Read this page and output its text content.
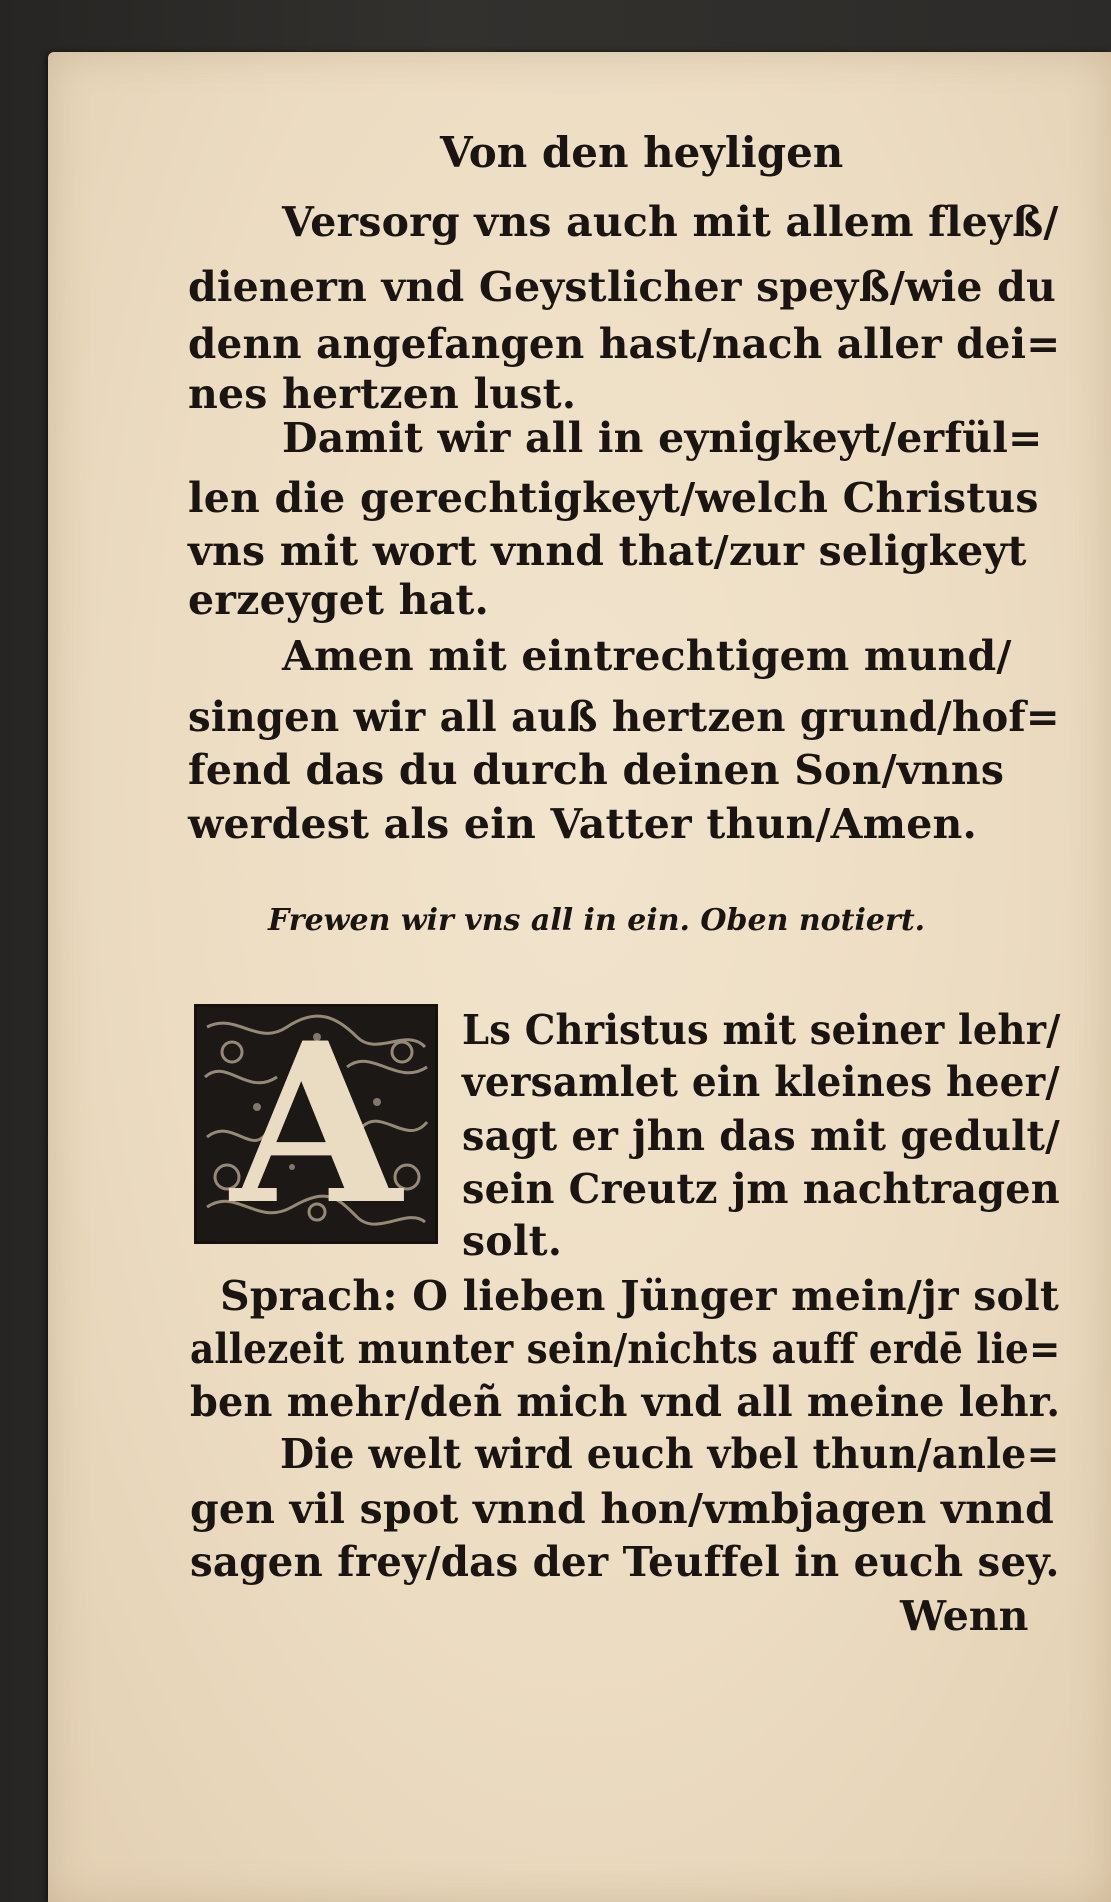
Von den heyligen
Versorg vns auch mit allem fleyß/
dienern vnd Geystlicher speyß/wie du
denn angefangen hast/nach aller dei=
nes hertzen lust.
Damit wir all in eynigkeyt/erfül=
len die gerechtigkeyt/welch Christus
vns mit wort vnnd that/zur seligkeyt
erzeyget hat.
Amen mit eintrechtigem mund/
singen wir all auß hertzen grund/hof=
fend das du durch deinen Son/vnns
werdest als ein Vatter thun/Amen.
Frewen wir vns all in ein. Oben notiert.
A	Ls Christus mit seiner lehr/
versamlet ein kleines heer/
sagt er jhn das mit gedult/
sein Creutz jm nachtragen
solt.
Sprach: O lieben Jünger mein/jr solt
allezeit munter sein/nichts auff erdē lie=
ben mehr/deñ mich vnd all meine lehr.
Die welt wird euch vbel thun/anle=
gen vil spot vnnd hon/vmbjagen vnnd
sagen frey/das der Teuffel in euch sey.
Wenn
